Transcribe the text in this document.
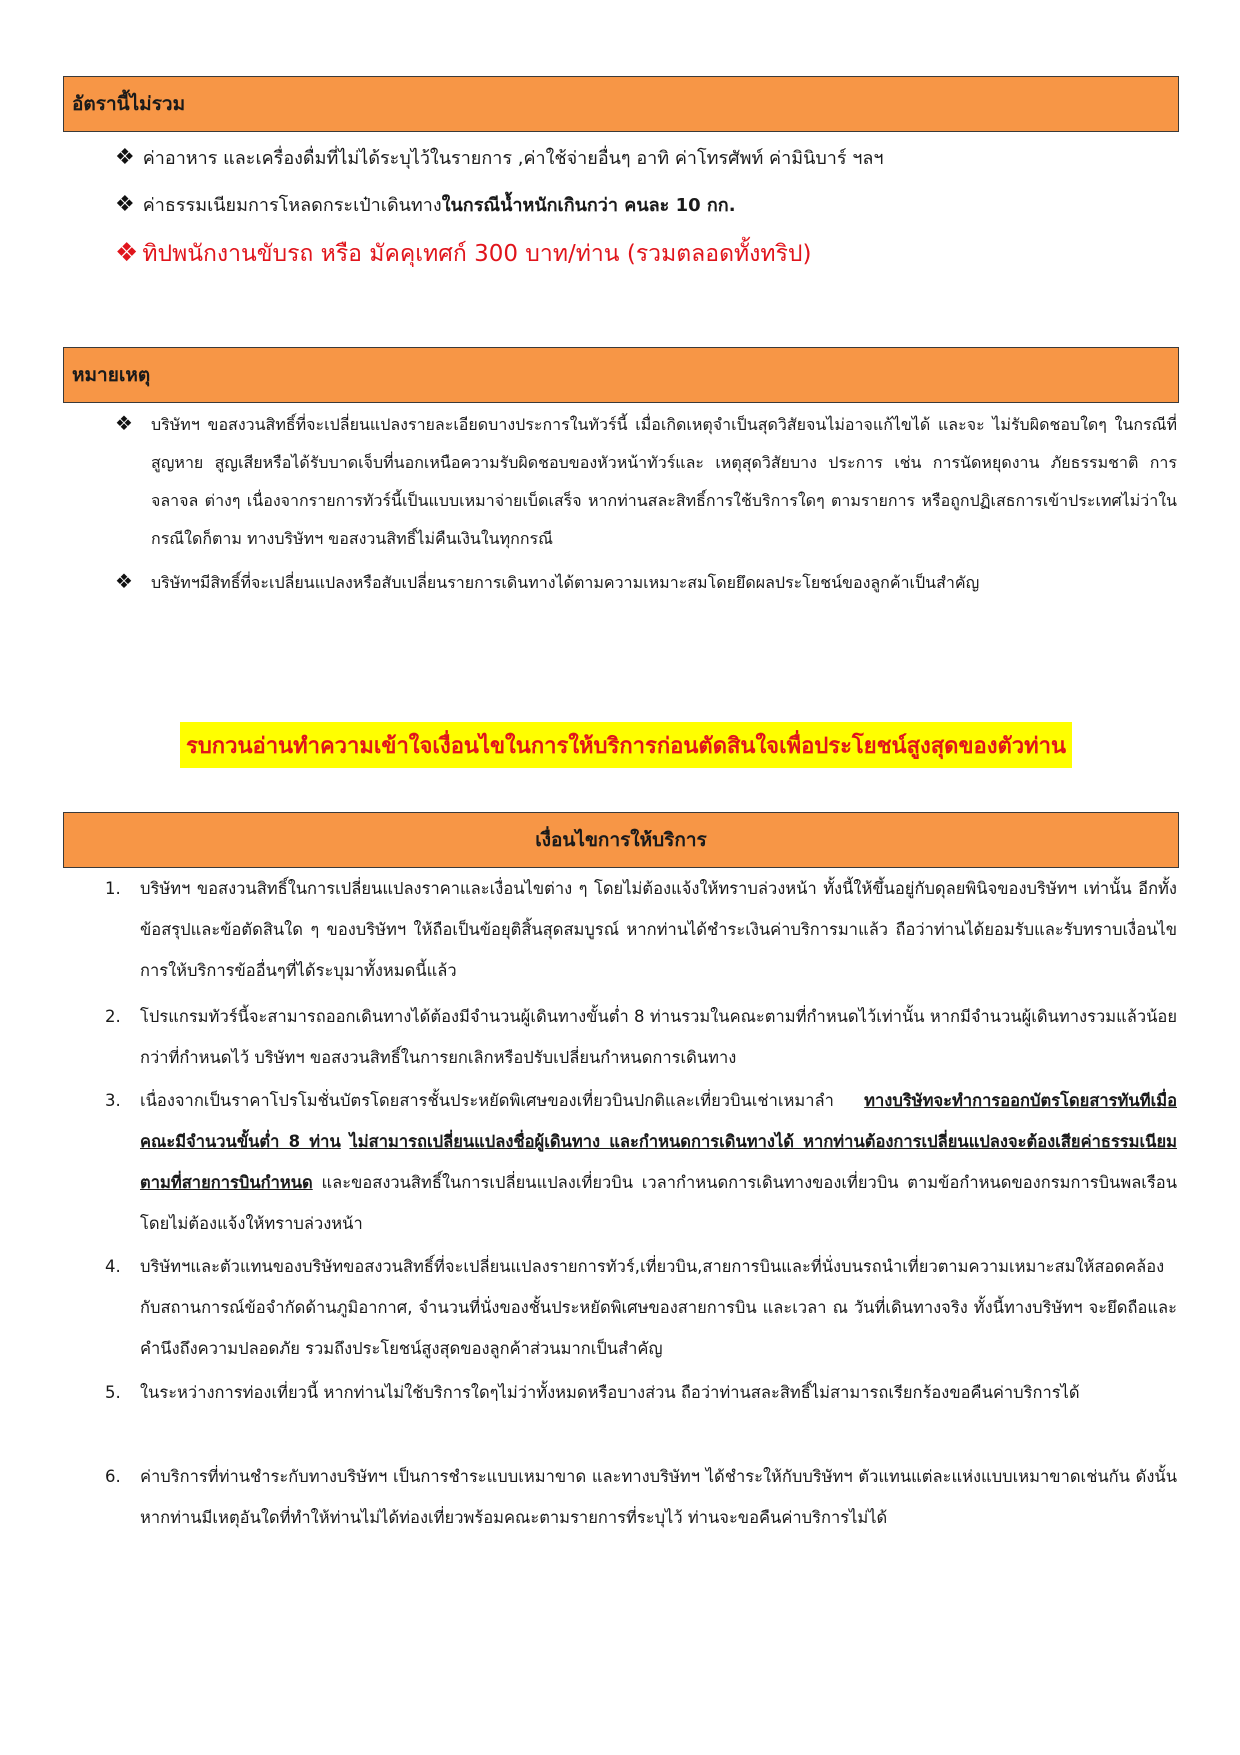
อัตรานี้ไม่รวม
❖ ค่าอาหาร และเครื่องดื่มที่ไม่ได้ระบุไว้ในรายการ ,ค่าใช้จ่ายอื่นๆ อาทิ ค่าโทรศัพท์ ค่ามินิบาร์ ฯลฯ
❖ ค่าธรรมเนียมการโหลดกระเป๋าเดินทาง ในกรณีน้ำหนักเกินกว่า คนละ 10 กก.
❖ ทิปพนักงานขับรถ หรือ มัคคุเทศก์ 300 บาท/ท่าน (รวมตลอดทั้งทริป)
หมายเหตุ
❖ บริษัทฯ ขอสงวนสิทธิ์ที่จะเปลี่ยนแปลงรายละเอียดบางประการในทัวร์นี้ เมื่อเกิดเหตุจำเป็นสุดวิสัยจนไม่อาจแก้ไขได้ และจะ ไม่รับผิดชอบใดๆ ในกรณีที่สูญหาย สูญเสียหรือได้รับบาดเจ็บที่นอกเหนือความรับผิดชอบของหัวหน้าทัวร์และ เหตุสุดวิสัยบาง ประการ เช่น การนัดหยุดงาน ภัยธรรมชาติ การจลาจล ต่างๆ เนื่องจากรายการทัวร์นี้เป็นแบบเหมาจ่ายเบ็ดเสร็จ หากท่านสละสิทธิ์การใช้บริการใดๆ ตามรายการ หรือถูกปฏิเสธการเข้าประเทศไม่ว่าในกรณีใดก็ตาม ทางบริษัทฯ ขอสงวนสิทธิ์ไม่คืนเงินในทุกกรณี
❖ บริษัทฯมีสิทธิ์ที่จะเปลี่ยนแปลงหรือสับเปลี่ยนรายการเดินทางได้ตามความเหมาะสมโดยยึดผลประโยชน์ของลูกค้าเป็นสำคัญ
รบกวนอ่านทำความเข้าใจเงื่อนไขในการให้บริการก่อนตัดสินใจเพื่อประโยชน์สูงสุดของตัวท่าน
เงื่อนไขการให้บริการ
1. บริษัทฯ ขอสงวนสิทธิ์ในการเปลี่ยนแปลงราคาและเงื่อนไขต่าง ๆ โดยไม่ต้องแจ้งให้ทราบล่วงหน้า ทั้งนี้ให้ขึ้นอยู่กับดุลยพินิจของบริษัทฯ เท่านั้น อีกทั้งข้อสรุปและข้อตัดสินใด ๆ ของบริษัทฯ ให้ถือเป็นข้อยุติสิ้นสุดสมบูรณ์ หากท่านได้ชำระเงินค่าบริการมาแล้ว ถือว่าท่านได้ยอมรับและรับทราบเงื่อนไขการให้บริการข้ออื่นๆที่ได้ระบุมาทั้งหมดนี้แล้ว
2. โปรแกรมทัวร์นี้จะสามารถออกเดินทางได้ต้องมีจำนวนผู้เดินทางขั้นต่ำ 8 ท่านรวมในคณะตามที่กำหนดไว้เท่านั้น หากมีจำนวนผู้เดินทางรวมแล้วน้อยกว่าที่กำหนดไว้ บริษัทฯ ขอสงวนสิทธิ์ในการยกเลิกหรือปรับเปลี่ยนกำหนดการเดินทาง
3. เนื่องจากเป็นราคาโปรโมชั่นบัตรโดยสารชั้นประหยัดพิเศษของเที่ยวบินปกติและเที่ยวบินเช่าเหมาลำ ทางบริษัทจะทำการออกบัตรโดยสารทันทีเมื่อคณะมีจำนวนขั้นต่ำ 8 ท่าน ไม่สามารถเปลี่ยนแปลงชื่อผู้เดินทาง และกำหนดการเดินทางได้ หากท่านต้องการเปลี่ยนแปลงจะต้องเสียค่าธรรมเนียมตามที่สายการบินกำหนด และขอสงวนสิทธิ์ในการเปลี่ยนแปลงเที่ยวบิน เวลากำหนดการเดินทางของเที่ยวบิน ตามข้อกำหนดของกรมการบินพลเรือนโดยไม่ต้องแจ้งให้ทราบล่วงหน้า
4. บริษัทฯและตัวแทนของบริษัทขอสงวนสิทธิ์ที่จะเปลี่ยนแปลงรายการทัวร์,เที่ยวบิน,สายการบินและที่นั่งบนรถนำเที่ยวตามความเหมาะสมให้สอดคล้องกับสถานการณ์ข้อจำกัดด้านภูมิอากาศ, จำนวนที่นั่งของชั้นประหยัดพิเศษของสายการบิน และเวลา ณ วันที่เดินทางจริง ทั้งนี้ทางบริษัทฯ จะยึดถือและคำนึงถึงความปลอดภัย รวมถึงประโยชน์สูงสุดของลูกค้าส่วนมากเป็นสำคัญ
5. ในระหว่างการท่องเที่ยวนี้ หากท่านไม่ใช้บริการใดๆไม่ว่าทั้งหมดหรือบางส่วน ถือว่าท่านสละสิทธิ์ไม่สามารถเรียกร้องขอคืนค่าบริการได้
6. ค่าบริการที่ท่านชำระกับทางบริษัทฯ เป็นการชำระแบบเหมาขาด และทางบริษัทฯ ได้ชำระให้กับบริษัทฯ ตัวแทนแต่ละแห่งแบบเหมาขาดเช่นกัน ดังนั้นหากท่านมีเหตุอันใดที่ทำให้ท่านไม่ได้ท่องเที่ยวพร้อมคณะตามรายการที่ระบุไว้ ท่านจะขอคืนค่าบริการไม่ได้
